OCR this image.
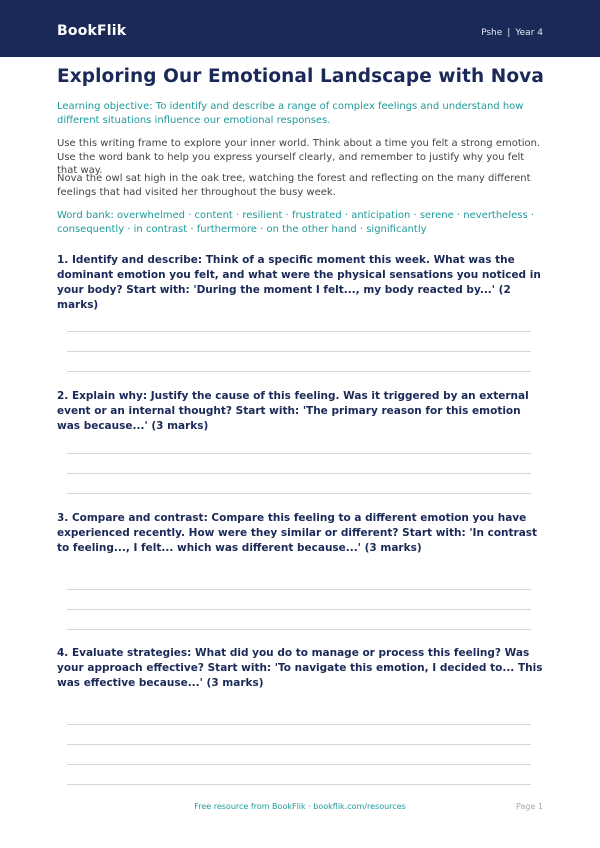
BookFlik	Pshe | Year 4
Exploring Our Emotional Landscape with Nova
Learning objective: To identify and describe a range of complex feelings and understand how different situations influence our emotional responses.
Use this writing frame to explore your inner world. Think about a time you felt a strong emotion. Use the word bank to help you express yourself clearly, and remember to justify why you felt that way.
Nova the owl sat high in the oak tree, watching the forest and reflecting on the many different feelings that had visited her throughout the busy week.
Word bank: overwhelmed · content · resilient · frustrated · anticipation · serene · nevertheless · consequently · in contrast · furthermore · on the other hand · significantly
1. Identify and describe: Think of a specific moment this week. What was the dominant emotion you felt, and what were the physical sensations you noticed in your body? Start with: 'During the moment I felt..., my body reacted by...' (2 marks)
2. Explain why: Justify the cause of this feeling. Was it triggered by an external event or an internal thought? Start with: 'The primary reason for this emotion was because...' (3 marks)
3. Compare and contrast: Compare this feeling to a different emotion you have experienced recently. How were they similar or different? Start with: 'In contrast to feeling..., I felt... which was different because...' (3 marks)
4. Evaluate strategies: What did you do to manage or process this feeling? Was your approach effective? Start with: 'To navigate this emotion, I decided to... This was effective because...' (3 marks)
Free resource from BookFlik · bookflik.com/resources	Page 1
